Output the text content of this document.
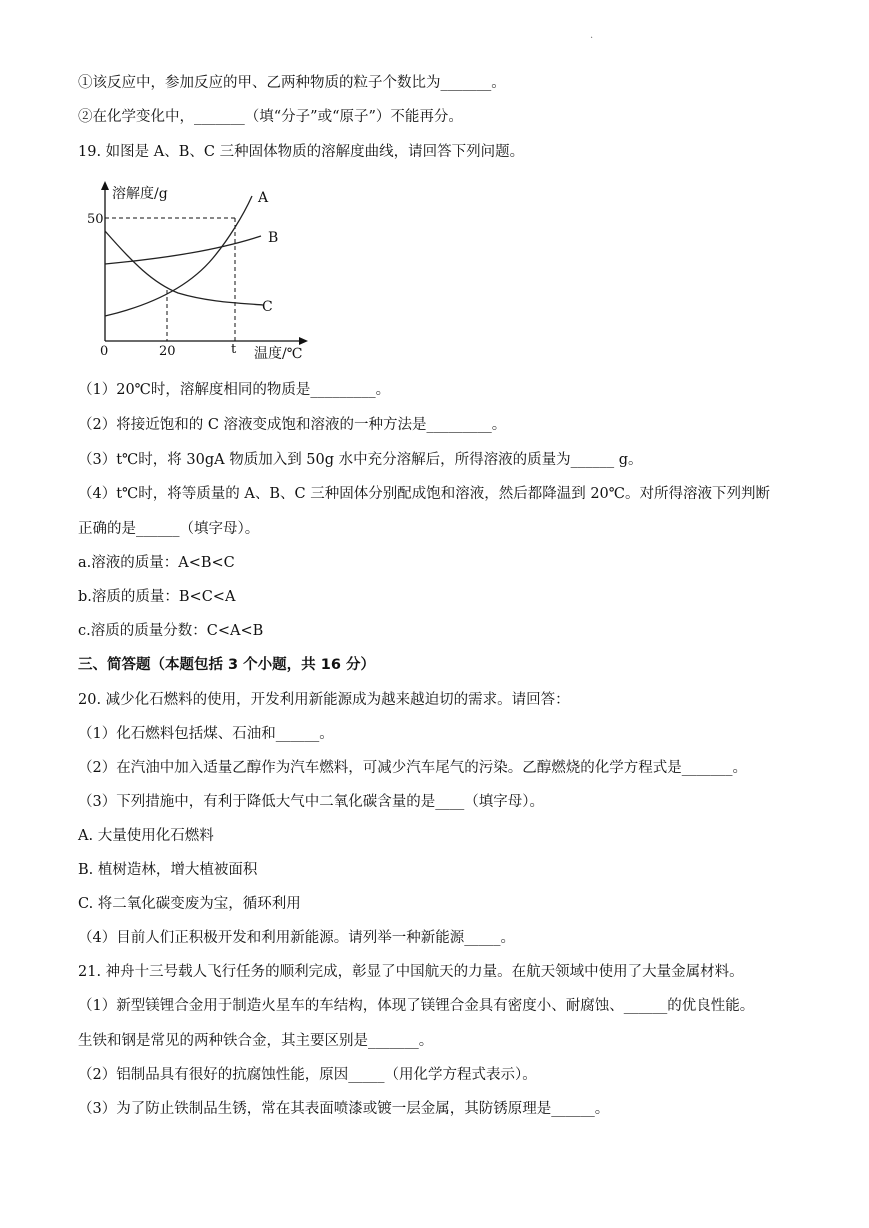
.
①该反应中，参加反应的甲、乙两种物质的粒子个数比为_______。
②在化学变化中，_______（填“分子”或“原子”）不能再分。
19. 如图是 A、B、C 三种固体物质的溶解度曲线，请回答下列问题。
溶解度/g
温度/℃
50
0	20	t
A
B
C
（1）20℃时，溶解度相同的物质是_________。
（2）将接近饱和的 C 溶液变成饱和溶液的一种方法是_________。
（3）t℃时，将 30gA 物质加入到 50g 水中充分溶解后，所得溶液的质量为______ g。
（4）t℃时，将等质量的 A、B、C 三种固体分别配成饱和溶液，然后都降温到 20℃。对所得溶液下列判断
正确的是______（填字母）。
a.溶液的质量：A<B<C
b.溶质的质量：B<C<A
c.溶质的质量分数：C<A<B
三、简答题（本题包括 3 个小题，共 16 分）
20. 减少化石燃料的使用，开发利用新能源成为越来越迫切的需求。请回答：
（1）化石燃料包括煤、石油和______。
（2）在汽油中加入适量乙醇作为汽车燃料，可减少汽车尾气的污染。乙醇燃烧的化学方程式是_______。
（3）下列措施中，有利于降低大气中二氧化碳含量的是____（填字母）。
A. 大量使用化石燃料
B. 植树造林，增大植被面积
C. 将二氧化碳变废为宝，循环利用
（4）目前人们正积极开发和利用新能源。请列举一种新能源_____。
21. 神舟十三号载人飞行任务的顺利完成，彰显了中国航天的力量。在航天领域中使用了大量金属材料。
（1）新型镁锂合金用于制造火星车的车结构，体现了镁锂合金具有密度小、耐腐蚀、______的优良性能。
生铁和钢是常见的两种铁合金，其主要区别是_______。
（2）铝制品具有很好的抗腐蚀性能，原因_____（用化学方程式表示）。
（3）为了防止铁制品生锈，常在其表面喷漆或镀一层金属，其防锈原理是______。
